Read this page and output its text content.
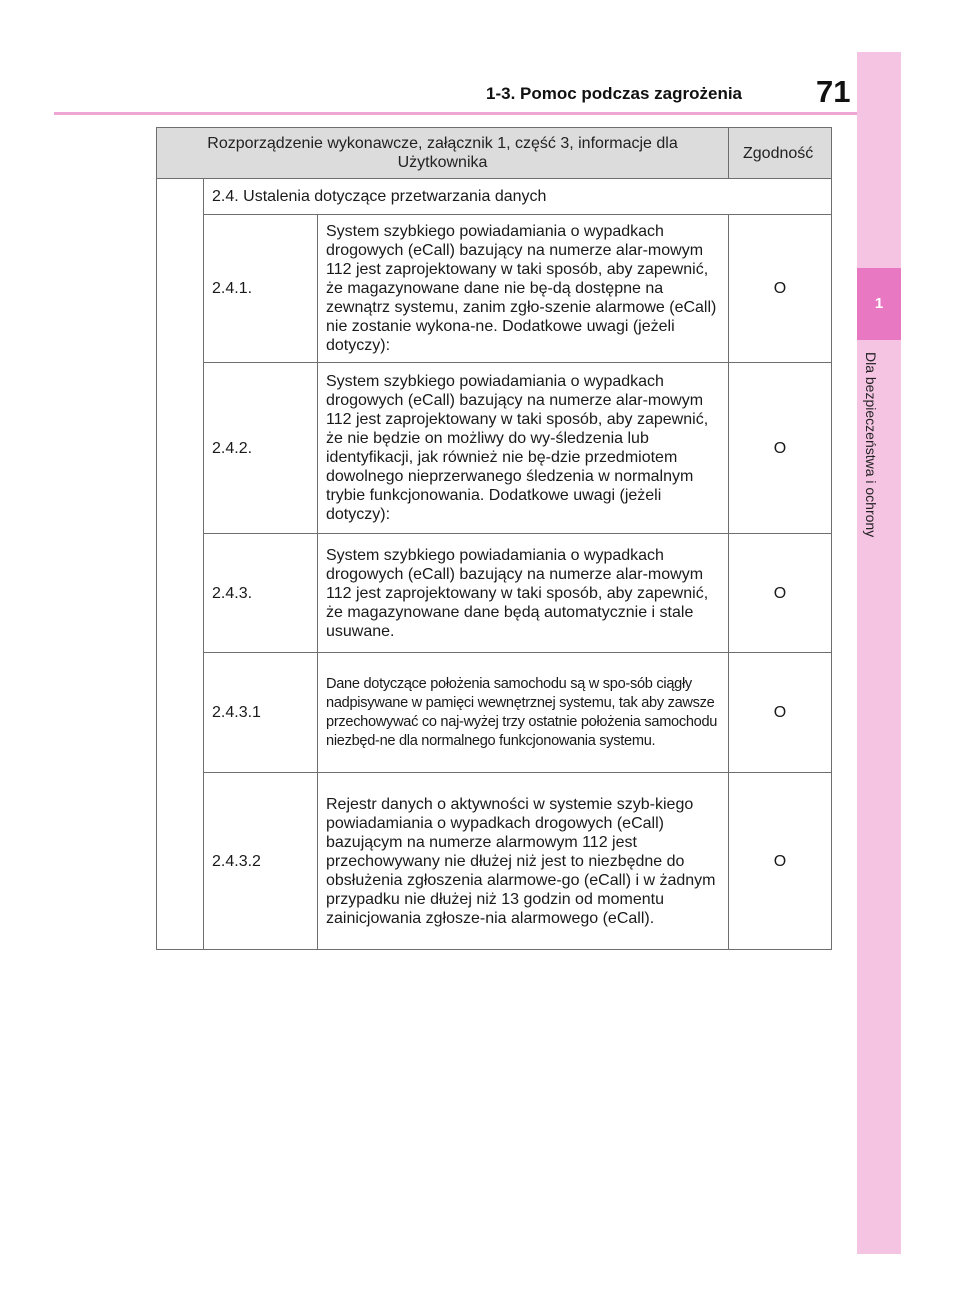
1-3. Pomoc podczas zagrożenia 71
1
Dla bezpieczeństwa i ochrony
Rozporządzenie wykonawcze, załącznik 1, część 3, informacje dla Użytkownika			Zgodność
	2.4. Ustalenia dotyczące przetwarzania danych		
	2.4.1.	System szybkiego powiadamiania o wypadkach drogowych (eCall) bazujący na numerze alar-mowym 112 jest zaprojektowany w taki sposób, aby zapewnić, że magazynowane dane nie bę-dą dostępne na zewnątrz systemu, zanim zgło-szenie alarmowe (eCall) nie zostanie wykona-ne. Dodatkowe uwagi (jeżeli dotyczy):	O
	2.4.2.	System szybkiego powiadamiania o wypadkach drogowych (eCall) bazujący na numerze alar-mowym 112 jest zaprojektowany w taki sposób, aby zapewnić, że nie będzie on możliwy do wy-śledzenia lub identyfikacji, jak również nie bę-dzie przedmiotem dowolnego nieprzerwanego śledzenia w normalnym trybie funkcjonowania. Dodatkowe uwagi (jeżeli dotyczy):	O
	2.4.3.	System szybkiego powiadamiania o wypadkach drogowych (eCall) bazujący na numerze alar-mowym 112 jest zaprojektowany w taki sposób, aby zapewnić, że magazynowane dane będą automatycznie i stale usuwane.	O
	2.4.3.1	Dane dotyczące położenia samochodu są w spo-sób ciągły nadpisywane w pamięci wewnętrznej systemu, tak aby zawsze przechowywać co naj-wyżej trzy ostatnie położenia samochodu niezbęd-ne dla normalnego funkcjonowania systemu.	O
	2.4.3.2	Rejestr danych o aktywności w systemie szyb-kiego powiadamiania o wypadkach drogowych (eCall) bazującym na numerze alarmowym 112 jest przechowywany nie dłużej niż jest to niezbędne do obsłużenia zgłoszenia alarmowe-go (eCall) i w żadnym przypadku nie dłużej niż 13 godzin od momentu zainicjowania zgłosze-nia alarmowego (eCall).	O
